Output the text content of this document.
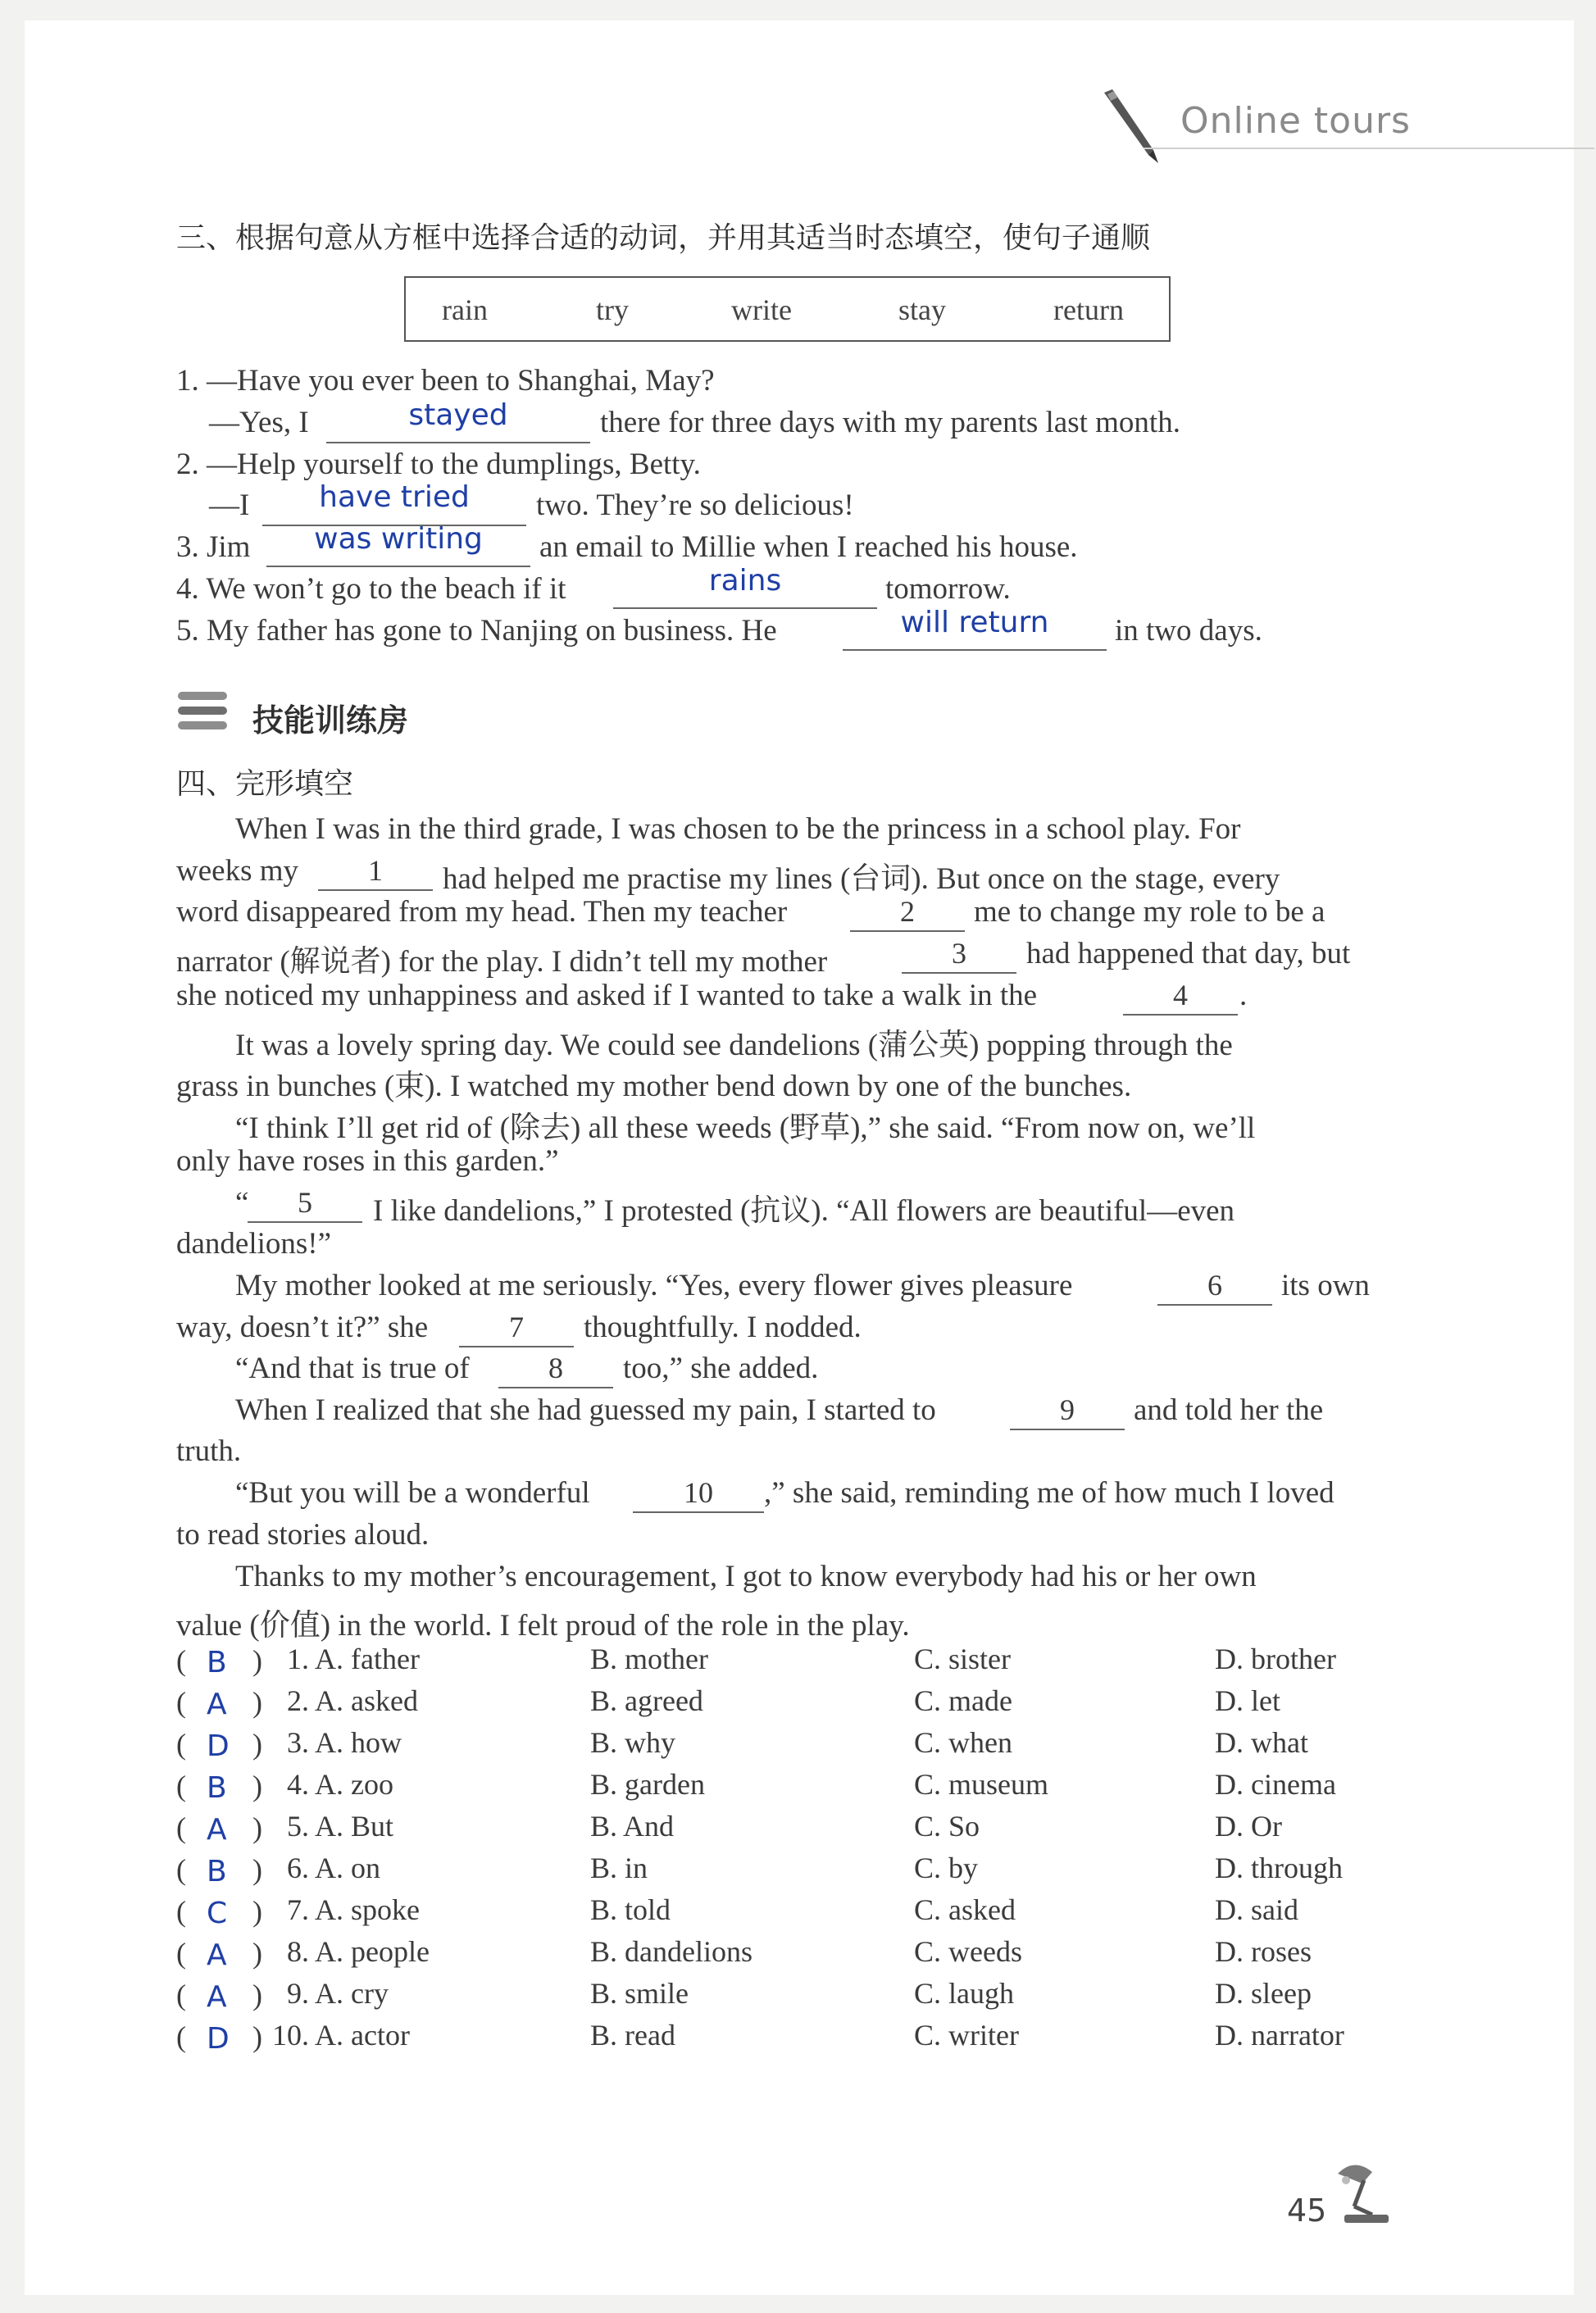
Online tours
三、根据句意从方框中选择合适的动词，并用其适当时态填空，使句子通顺
rain	try	write	stay	return
1. —Have you ever been to Shanghai, May?
—Yes, I	stayed	there for three days with my parents last month.
2. —Help yourself to the dumplings, Betty.
—I	have tried	two. They’re so delicious!
3. Jim	was writing	an email to Millie when I reached his house.
4. We won’t go to the beach if it	rains	tomorrow.
5. My father has gone to Nanjing on business. He	will return	in two days.
技能训练房
四、完形填空
When I was in the third grade, I was chosen to be the princess in a school play. For
weeks my	1	had helped me practise my lines (台词). But once on the stage, every
word disappeared from my head. Then my teacher	2	me to change my role to be a
narrator (解说者) for the play. I didn’t tell my mother	3	had happened that day, but
she noticed my unhappiness and asked if I wanted to take a walk in the	4	.
It was a lovely spring day. We could see dandelions (蒲公英) popping through the
grass in bunches (束). I watched my mother bend down by one of the bunches.
“I think I’ll get rid of (除去) all these weeds (野草),” she said. “From now on, we’ll
only have roses in this garden.”
“	5	I like dandelions,” I protested (抗议). “All flowers are beautiful—even
dandelions!”
My mother looked at me seriously. “Yes, every flower gives pleasure	6	its own
way, doesn’t it?” she	7	thoughtfully. I nodded.
“And that is true of	8	too,” she added.
When I realized that she had guessed my pain, I started to	9	and told her the
truth.
“But you will be a wonderful	10	,” she said, reminding me of how much I loved
to read stories aloud.
Thanks to my mother’s encouragement, I got to know everybody had his or her own
value (价值) in the world. I felt proud of the role in the play.
( B ) 1. A. father	B. mother	C. sister	D. brother
( A ) 2. A. asked	B. agreed	C. made	D. let
( D ) 3. A. how	B. why	C. when	D. what
( B ) 4. A. zoo	B. garden	C. museum	D. cinema
( A ) 5. A. But	B. And	C. So	D. Or
( B ) 6. A. on	B. in	C. by	D. through
( C ) 7. A. spoke	B. told	C. asked	D. said
( A ) 8. A. people	B. dandelions	C. weeds	D. roses
( A ) 9. A. cry	B. smile	C. laugh	D. sleep
( D ) 10. A. actor	B. read	C. writer	D. narrator
45
